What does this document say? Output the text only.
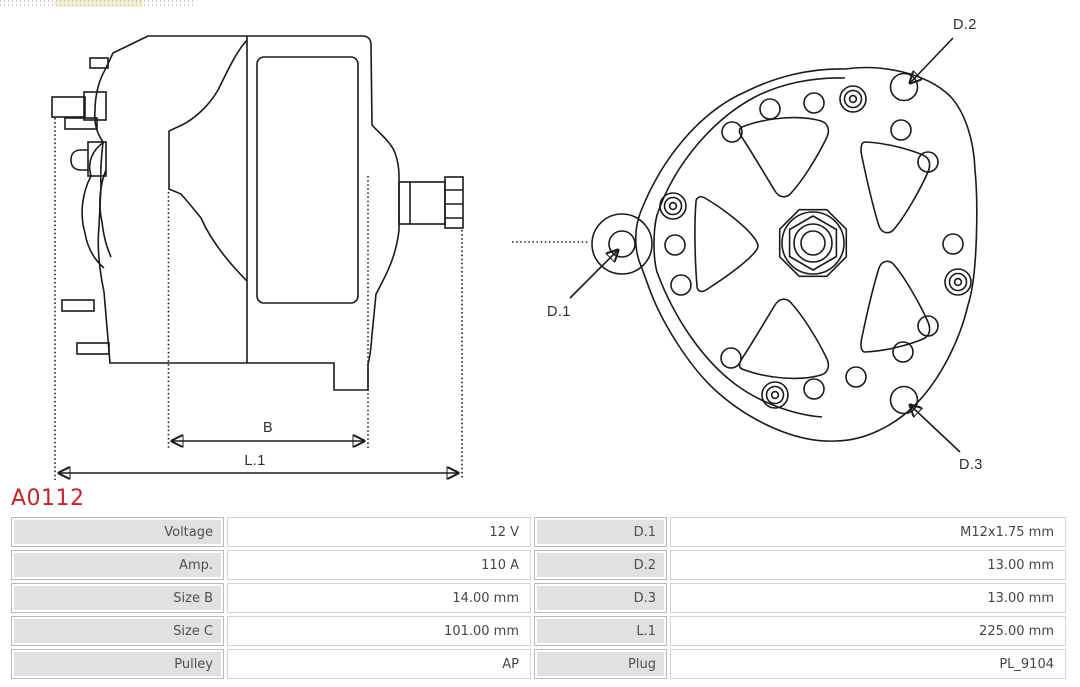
B
L.1
D.2
D.1
D.3
A0112
Voltage	12 V	D.1	M12x1.75 mm
Amp.	110 A	D.2	13.00 mm
Size B	14.00 mm	D.3	13.00 mm
Size C	101.00 mm	L.1	225.00 mm
Pulley	AP	Plug	PL_9104
